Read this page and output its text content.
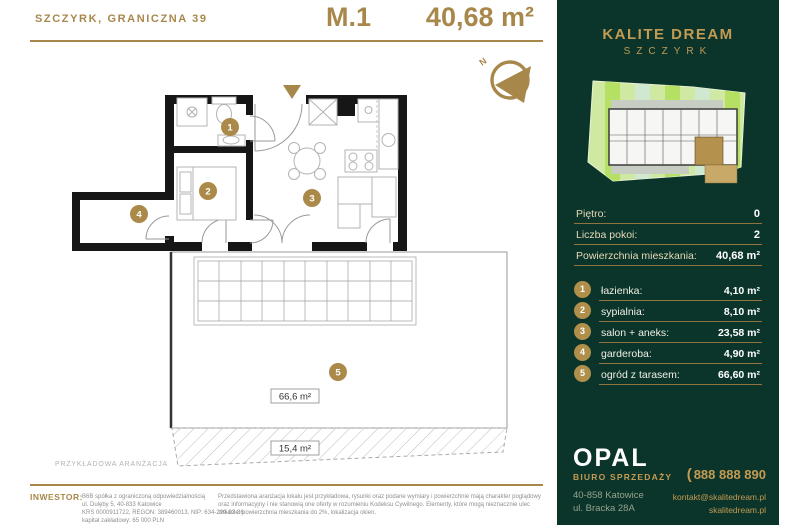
SZCZYRK, GRANICZNA 39	M.1	40,68 m²
N
66,6 m²
15,4 m²
1
2
3
4
5
PRZYKŁADOWA ARANŻACJA
KALITE DREAM
SZCZYRK
Piętro:	0
Liczba pokoi:	2
Powierzchnia mieszkania: 40,68 m²
1	łazienka:	4,10 m²
2	sypialnia:	8,10 m²
3	salon + aneks:	23,58 m²
4	garderoba:	4,90 m²
5	ogród z tarasem:	66,60 m²
OPAL
BIURO SPRZEDAŻY
40-858 Katowice
ul. Bracka 28A
( 888 888 890
kontakt@skalitedream.pl
skalitedream.pl
INWESTOR: B6B spółka z ograniczoną odpowiedzialnością
ul. Dulęby 5, 40-833 Katowice
KRS 0000911722, REGON: 389460013, NIP: 634-299-92-86
kapitał zakładowy: 65 000 PLN
Przedstawiona aranżacja lokalu jest przykładowa, rysunki oraz podane wymiary i powierzchnie mają charakter poglądowy oraz informacyjny i nie stanowią one oferty w rozumieniu Kodeksu Cywilnego. Elementy, które mogą nieznacznie ulec zmianie: powierzchnia mieszkania do 2%, lokalizacja okien.
